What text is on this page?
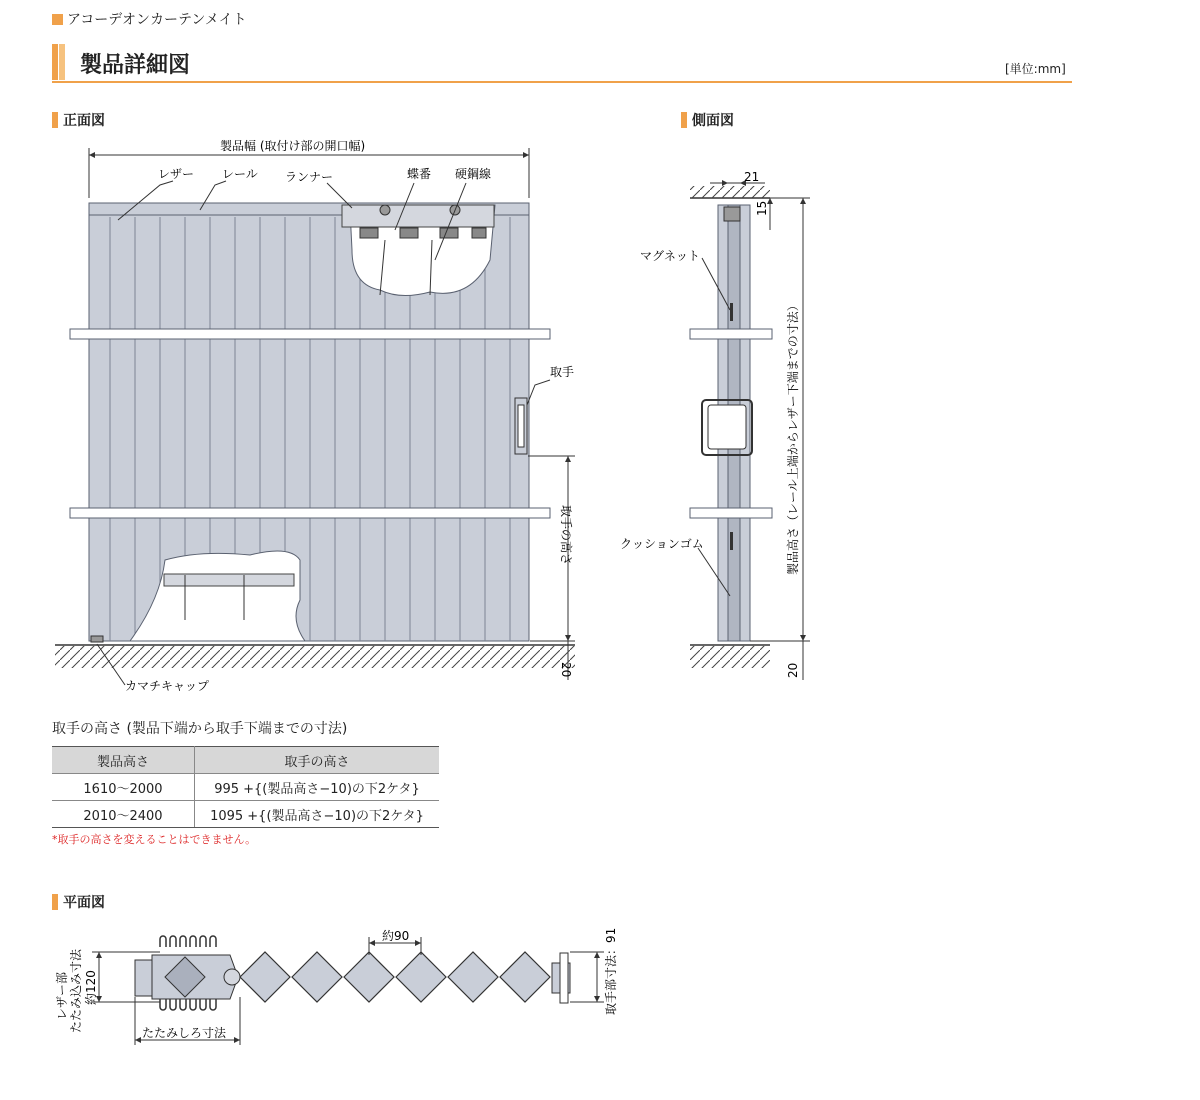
アコーデオンカーテンメイト
製品詳細図	[単位:mm]
正面図	側面図
平面図
製品幅 (取付け部の開口幅)
レザー レール ランナー	蝶番 硬鋼線
取手
取手の高さ
20
カマチキャップ
21
15
マグネット
クッションゴム	製品高さ（レール上端からレザー下端までの寸法）
20
取手の高さ (製品下端から取手下端までの寸法)
製品高さ	取手の高さ
1610～2000	995 +{(製品高さ−10)の下2ケタ}
2010～2400	1095 +{(製品高さ−10)の下2ケタ}
*取手の高さを変えることはできません。
約90
レザー部 たたみ込み寸法 約120
たたみしろ寸法
取手部寸法：91
